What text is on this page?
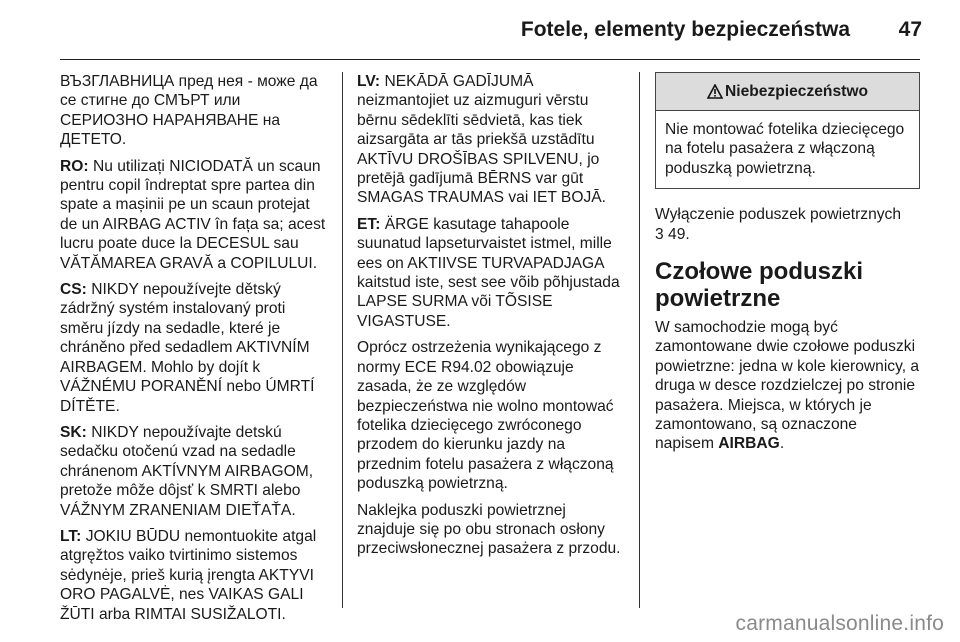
Fotele, elementy bezpieczeństwa 47

ВЪЗГЛАВНИЦА пред нея - може да се стигне до СМЪРТ или СЕРИОЗНО НАРАНЯВАНЕ на ДЕТЕТО.

RO: Nu utilizați NICIODATĂ un scaun pentru copil îndreptat spre partea din spate a mașinii pe un scaun protejat de un AIRBAG ACTIV în fața sa; acest lucru poate duce la DECESUL sau VĂTĂMAREA GRAVĂ a COPILULUI.

CS: NIKDY nepoužívejte dětský zádržný systém instalovaný proti směru jízdy na sedadle, které je chráněno před sedadlem AKTIVNÍM AIRBAGEM. Mohlo by dojít k VÁŽNÉMU PORANĚNÍ nebo ÚMRTÍ DÍTĚTE.

SK: NIKDY nepoužívajte detskú sedačku otočenú vzad na sedadle chránenom AKTÍVNYM AIRBAGOM, pretože môže dôjsť k SMRTI alebo VÁŽNYM ZRANENIAM DIEŤAŤA.

LT: JOKIU BŪDU nemontuokite atgal atgręžtos vaiko tvirtinimo sistemos sėdynėje, prieš kurią įrengta AKTYVI ORO PAGALVĖ, nes VAIKAS GALI ŽŪTI arba RIMTAI SUSIŽALOTI.

LV: NEKĀDĀ GADĪJUMĀ neizmantojiet uz aizmuguri vērstu bērnu sēdeklīti sēdvietā, kas tiek aizsargāta ar tās priekšā uzstādītu AKTĪVU DROŠĪBAS SPILVENU, jo pretējā gadījumā BĒRNS var gūt SMAGAS TRAUMAS vai IET BOJĀ.

ET: ÄRGE kasutage tahapoole suunatud lapseturvaistet istmel, mille ees on AKTIIVSE TURVAPADJAGA kaitstud iste, sest see võib põhjustada LAPSE SURMA või TÕSISE VIGASTUSE.

Oprócz ostrzeżenia wynikającego z normy ECE R94.02 obowiązuje zasada, że ze względów bezpieczeństwa nie wolno montować fotelika dziecięcego zwróconego przodem do kierunku jazdy na przednim fotelu pasażera z włączoną poduszką powietrzną.

Naklejka poduszki powietrznej znajduje się po obu stronach osłony przeciwsłonecznej pasażera z przodu.

Niebezpieczeństwo
Nie montować fotelika dziecięcego na fotelu pasażera z włączoną poduszką powietrzną.

Wyłączenie poduszek powietrznych
3 49.

Czołowe poduszki powietrzne

W samochodzie mogą być zamontowane dwie czołowe poduszki powietrzne: jedna w kole kierownicy, a druga w desce rozdzielczej po stronie pasażera. Miejsca, w których je zamontowano, są oznaczone napisem AIRBAG.

carmanualsonline.info
